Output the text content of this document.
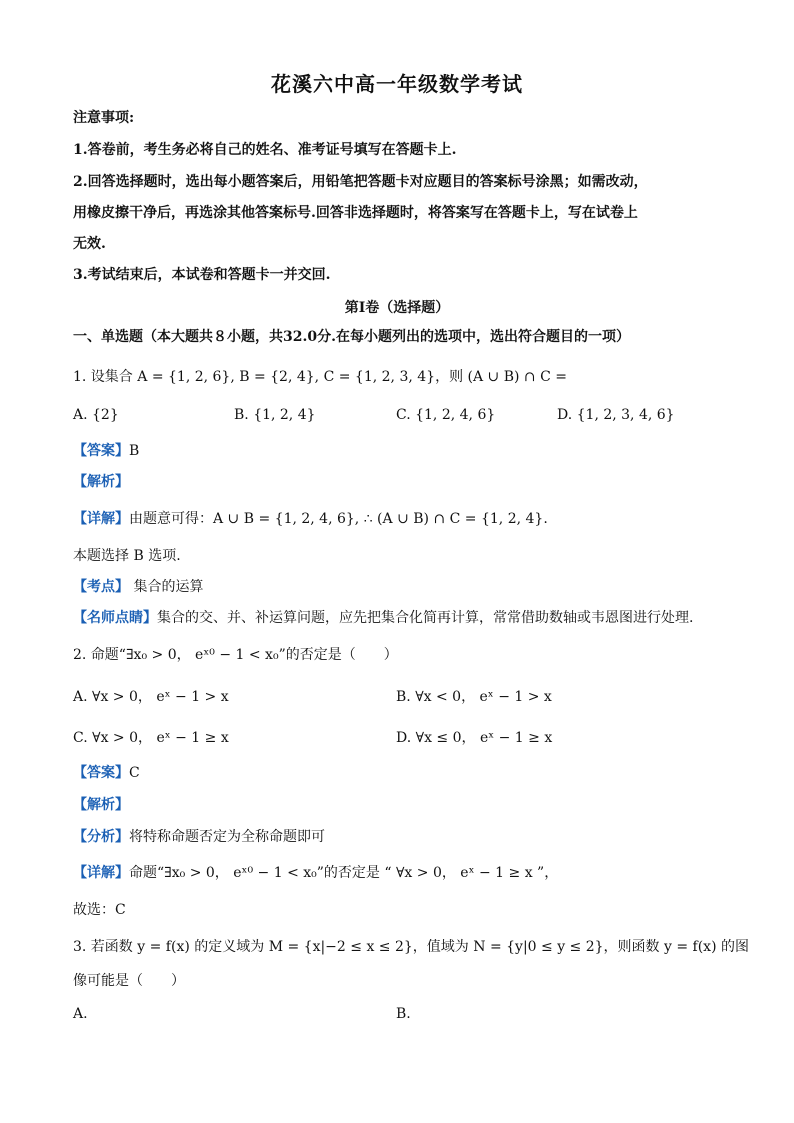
花溪六中高一年级数学考试
注意事项:
1.答卷前，考生务必将自己的姓名、准考证号填写在答题卡上.
2.回答选择题时，选出每小题答案后，用铅笔把答题卡对应题目的答案标号涂黑；如需改动，
用橡皮擦干净后，再选涂其他答案标号.回答非选择题时，将答案写在答题卡上，写在试卷上
无效.
3.考试结束后，本试卷和答题卡一并交回.
第Ⅰ卷（选择题）
一、单选题（本大题共８小题，共32.0分.在每小题列出的选项中，选出符合题目的一项）
1. 设集合 A = {1, 2, 6}, B = {2, 4}, C = {1, 2, 3, 4}，则 (A ∪ B) ∩ C =
A. {2}	B. {1, 2, 4}	C. {1, 2, 4, 6}	D. {1, 2, 3, 4, 6}
【答案】B
【解析】
【详解】由题意可得：A ∪ B = {1, 2, 4, 6}, ∴ (A ∪ B) ∩ C = {1, 2, 4}.
本题选择 B 选项.
【考点】 集合的运算
【名师点睛】集合的交、并、补运算问题，应先把集合化简再计算，常常借助数轴或韦恩图进行处理.
2. 命题“∃x₀ > 0， eˣ⁰ − 1 < x₀”的否定是（　　）
A. ∀x > 0， eˣ − 1 > x	B. ∀x < 0， eˣ − 1 > x
C. ∀x > 0， eˣ − 1 ≥ x	D. ∀x ≤ 0， eˣ − 1 ≥ x
【答案】C
【解析】
【分析】将特称命题否定为全称命题即可
【详解】命题“∃x₀ > 0， eˣ⁰ − 1 < x₀”的否定是 “ ∀x > 0， eˣ − 1 ≥ x ”，
故选：C
3. 若函数 y = f(x) 的定义域为 M = {x|−2 ≤ x ≤ 2}，值域为 N = {y|0 ≤ y ≤ 2}，则函数 y = f(x) 的图
像可能是（　　）
A.	B.
